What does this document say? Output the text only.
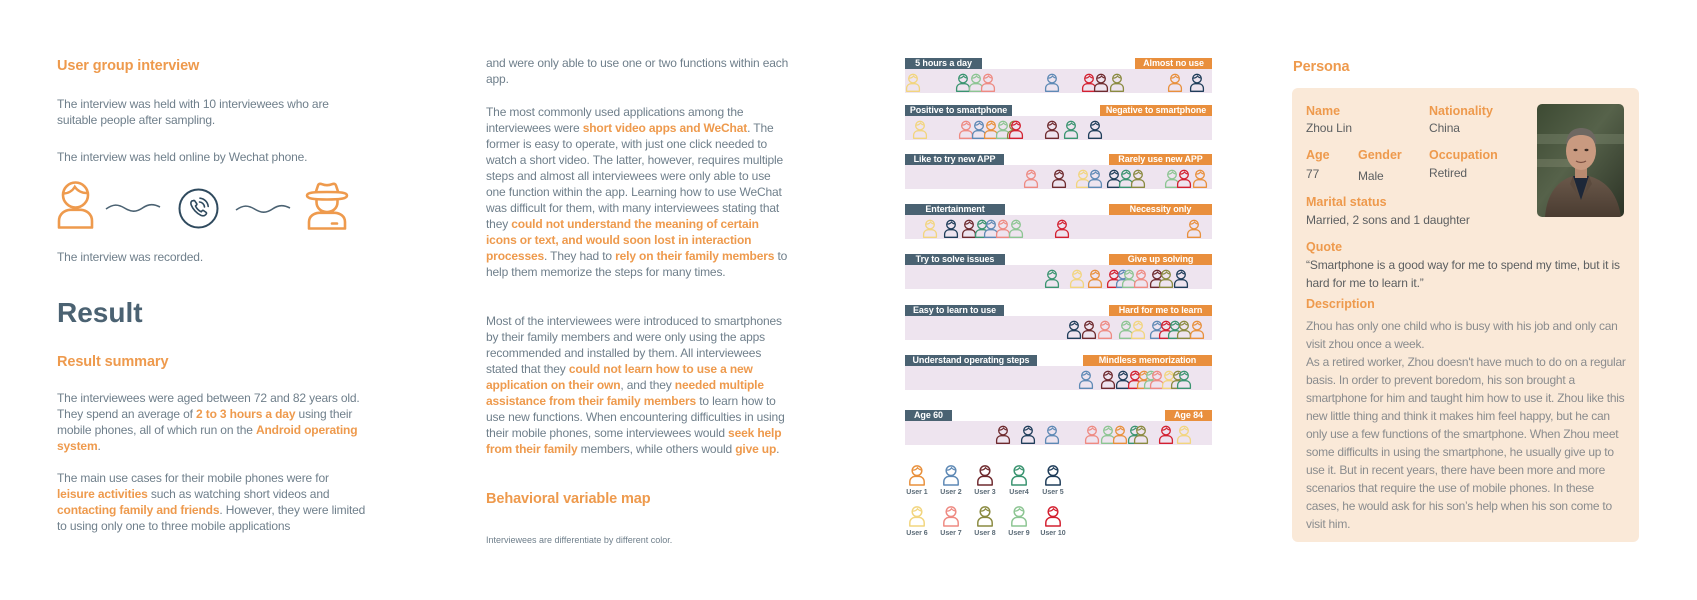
User group interview

The interview was held with 10 interviewees who are suitable people after sampling.

The interview was held online by Wechat phone.

The interview was recorded.

Result
Result summary

The interviewees were aged between 72 and 82 years old. They spend an average of 2 to 3 hours a day using their mobile phones, all of which run on the Android operating system.

The main use cases for their mobile phones were for leisure activities such as watching short videos and contacting family and friends. However, they were limited to using only one to three mobile applications

and were only able to use one or two functions within each app.

The most commonly used applications among the interviewees were short video apps and WeChat. The former is easy to operate, with just one click needed to watch a short video. The latter, however, requires multiple steps and almost all interviewees were only able to use one function within the app. Learning how to use WeChat was difficult for them, with many interviewees stating that they could not understand the meaning of certain icons or text, and would soon lost in interaction processes. They had to rely on their family members to help them memorize the steps for many times.

Most of the interviewees were introduced to smartphones by their family members and were only using the apps recommended and installed by them. All interviewees stated that they could not learn how to use a new application on their own, and they needed multiple assistance from their family members to learn how to use new functions. When encountering difficulties in using their mobile phones, some interviewees would seek help from their family members, while others would give up.

Behavioral variable map

Interviewees are differentiate by different color.

5 hours a day	Almost no use
Positive to smartphone	Negative to smartphone
Like to try new APP	Rarely use new APP
Entertainment	Necessity only
Try to solve issues	Give up solving
Easy to learn to use	Hard for me to learn
Understand operating steps	Mindless memorization
Age 60	Age 84
User 1	User 2	User 3	User4	User 5
User 6	User 7	User 8	User 9	User 10
Persona
Name
Zhou Lin
Nationality
China
Age
77
Gender
Male
Occupation
Retired
Marital status
Married, 2 sons and 1 daughter
Quote

“Smartphone is a good way for me to spend my time, but it is hard for me to learn it.”

Description

Zhou has only one child who is busy with his job and only can visit zhou once a week.

As a retired worker, Zhou doesn't have much to do on a regular basis. In order to prevent boredom, his son brought a smartphone for him and taught him how to use it. Zhou like this new little thing and think it makes him feel happy, but he can only use a few functions of the smartphone. When Zhou meet some difficults in using the smartphone, he usually give up to use it. But in recent years, there have been more and more scenarios that require the use of mobile phones. In these cases, he would ask for his son’s help when his son come to visit him.
